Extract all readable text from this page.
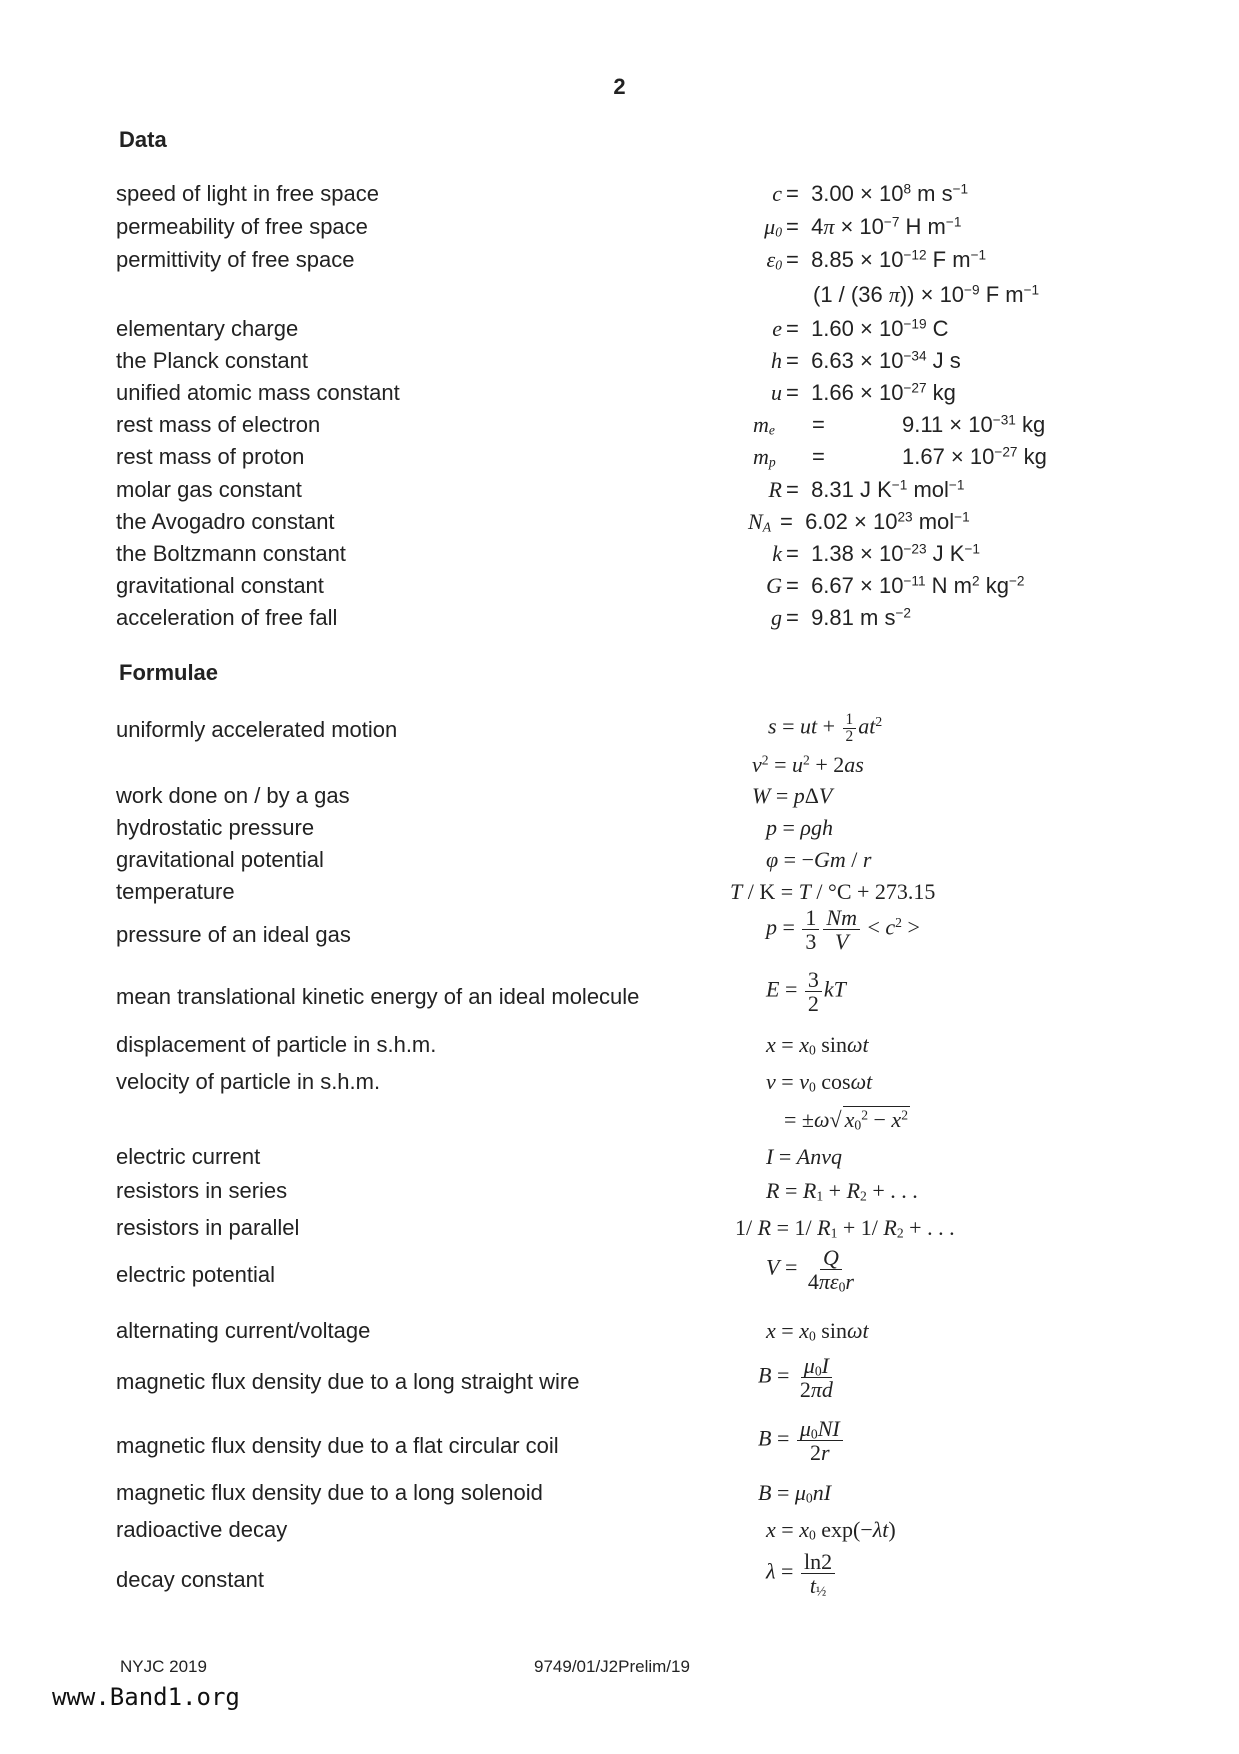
2
Data
speed of light in free space	$c = 3.00 \times 10^8$ m $s^{-1}$
permeability of free space	$\mu_0 = 4\pi \times 10^{-7}$ H $m^{-1}$
permittivity of free space	$\varepsilon_0 = 8.85 \times 10^{-12}$ F $m^{-1}$
(1 / (36 $\pi)) \times 10^{-9}$ F $m^{-1}$
elementary charge	$e = 1.60 \times 10^{-19}$ C
the Planck constant	$h = 6.63 \times 10^{-34}$ J s
unified atomic mass constant	$u = 1.66 \times 10^{-27}$ kg
rest mass of electron	$m_e$ =	$9.11 \times 10^{-31}$ kg
rest mass of proton	$m_p$ =	$1.67 \times 10^{-27}$ kg
molar gas constant	R =  8.31 J $K^{-1}$ mol$^{-1}$
the Avogadro constant	$N_A = 6.02 \times 10^{23}$ mol$^{-1}$
the Boltzmann constant	$k = 1.38 \times 10^{-23}$ J $K^{-1}$
gravitational constant	$G = 6.67 \times 10^{-11}$ N $m^2$ $kg^{-2}$
acceleration of free fall	g =  9.81 m $s^{-2}$
Formulae
uniformly accelerated motion	s = ut + $\frac{1}{2} at^2$
$v^2 = u^2 + 2as$
work done on / by a gas	W = pΔV
hydrostatic pressure	p = ρgh
gravitational potential	φ = −Gm / r
temperature	T / K = T / °C + 273.15
pressure of an ideal gas	$p = \frac{1}{3} \frac{Nm}{V} < c^2$ >
mean translational kinetic energy of an ideal molecule	$E = \frac{3}{2}$ kT
displacement of particle in s.h.m.	$x = x_0$ sinωt
velocity of particle in s.h.m.	$v = v_0$ cosωt
= ±ω√ $x_0^2 - x^2$
electric current	I = Anvq
resistors in series	$R = R_1 + R_2$ + . . .
resistors in parallel	1/ R = 1/ $R_1 + 1/$ $R_2$ + . . .
electric potential	$V = \frac{Q}{4\pi\varepsilon_0r}$
alternating current/voltage	$x = x_0$ sinωt
magnetic flux density due to a long straight wire	$B = \frac{\mu_0I}{2\pi d}$
magnetic flux density due to a flat circular coil	$B = \frac{\mu_0NI}{2r}$
magnetic flux density due to a long solenoid	$B = \mu_0nI$
radioactive decay	$x = x_0$ exp(−λt)
decay constant	$\lambda = \frac{\ln 2}{t_{\frac{1}{2}}}$
NYJC 2019	9749/01/J2Prelim/19
www.Band1.org
